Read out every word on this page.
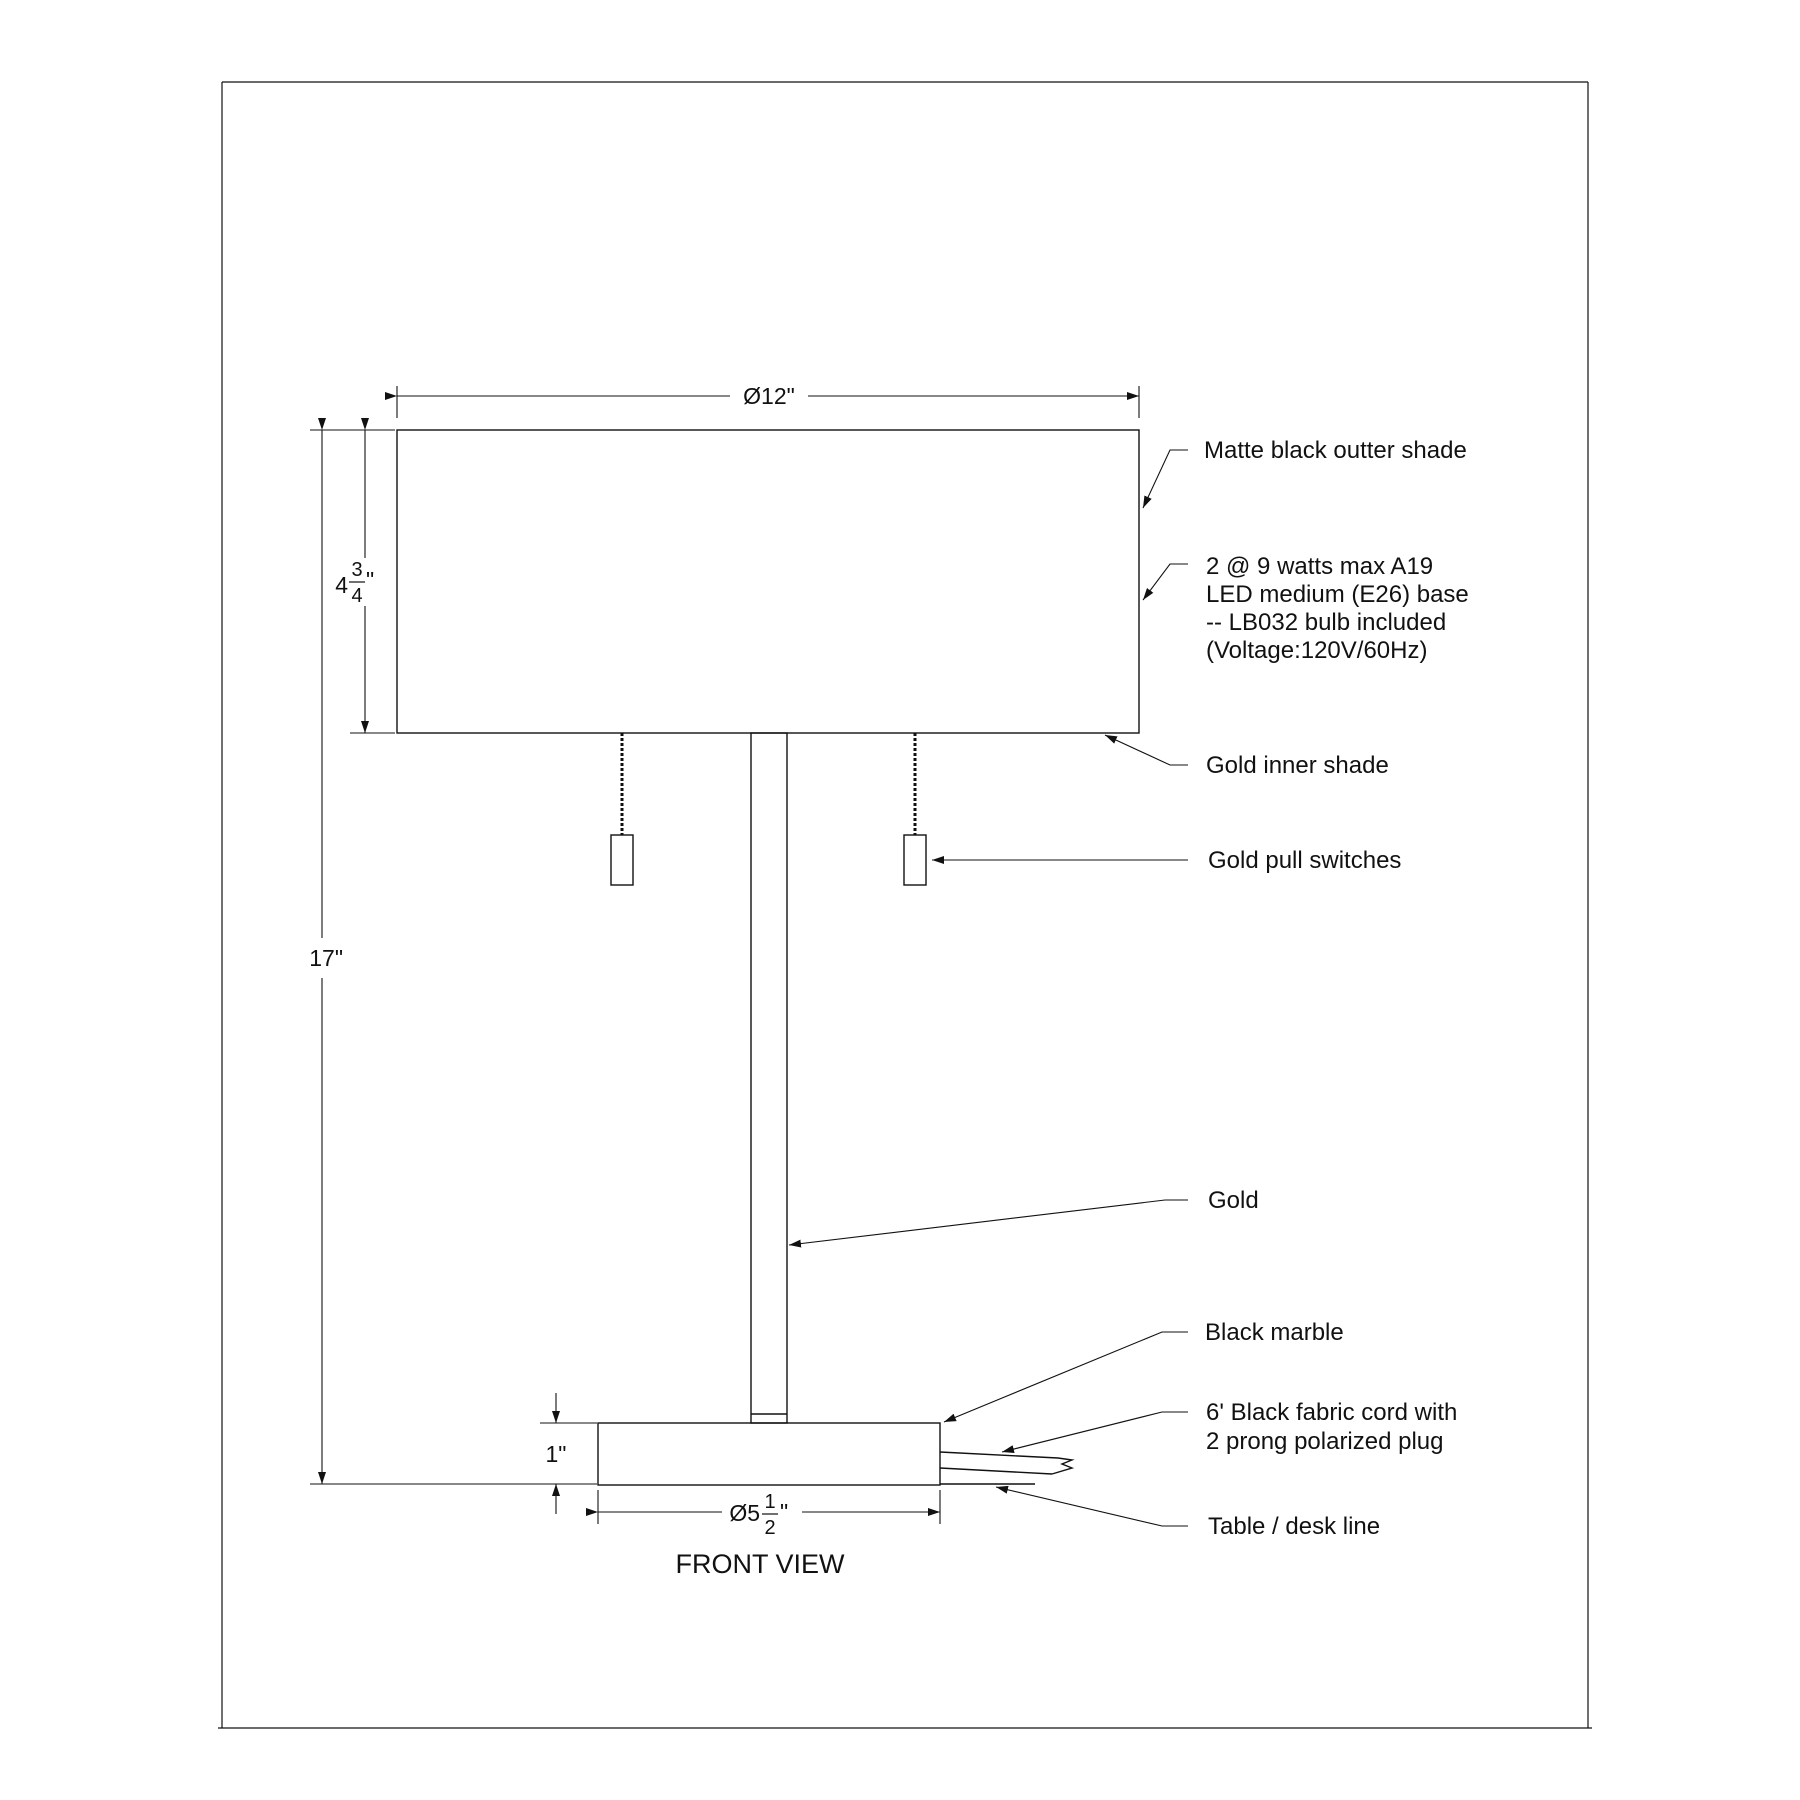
Ø12"
4
3
4
"
17"
1"
Ø5 1
2
"
FRONT VIEW
Matte black outter shade
2 @ 9 watts max A19
LED medium (E26) base
-- LB032 bulb included
(Voltage:120V/60Hz)
Gold inner shade
Gold pull switches
Gold
Black marble
6' Black fabric cord with
2 prong polarized plug
Table / desk line
